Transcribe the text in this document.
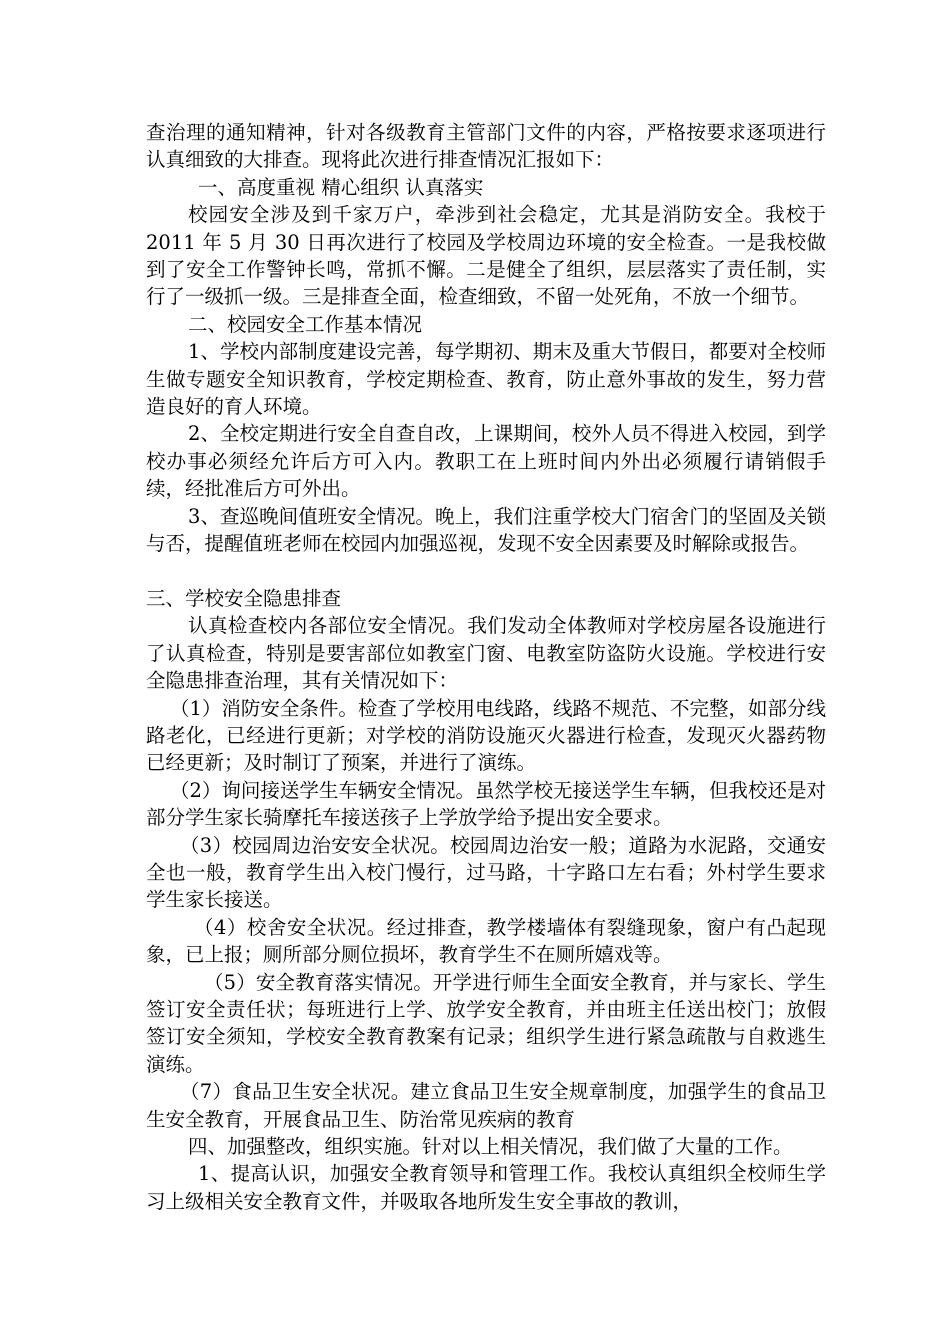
查治理的通知精神，针对各级教育主管部门文件的内容，严格按要求逐项进行认真细致的大排查。现将此次进行排查情况汇报如下：

一、高度重视 精心组织 认真落实

校园安全涉及到千家万户，牵涉到社会稳定，尤其是消防安全。我校于 2011 年 5 月 30 日再次进行了校园及学校周边环境的安全检查。一是我校做到了安全工作警钟长鸣，常抓不懈。二是健全了组织，层层落实了责任制，实行了一级抓一级。三是排查全面，检查细致，不留一处死角，不放一个细节。

二、校园安全工作基本情况

1、学校内部制度建设完善，每学期初、期末及重大节假日，都要对全校师生做专题安全知识教育，学校定期检查、教育，防止意外事故的发生，努力营造良好的育人环境。

2、全校定期进行安全自查自改，上课期间，校外人员不得进入校园，到学校办事必须经允许后方可入内。教职工在上班时间内外出必须履行请销假手续，经批准后方可外出。

3、查巡晚间值班安全情况。晚上，我们注重学校大门宿舍门的坚固及关锁与否，提醒值班老师在校园内加强巡视，发现不安全因素要及时解除或报告。

三、学校安全隐患排查

认真检查校内各部位安全情况。我们发动全体教师对学校房屋各设施进行了认真检查，特别是要害部位如教室门窗、电教室防盗防火设施。学校进行安全隐患排查治理，其有关情况如下：

（1）消防安全条件。检查了学校用电线路，线路不规范、不完整，如部分线路老化，已经进行更新；对学校的消防设施灭火器进行检查，发现灭火器药物已经更新；及时制订了预案，并进行了演练。

（2）询问接送学生车辆安全情况。虽然学校无接送学生车辆，但我校还是对部分学生家长骑摩托车接送孩子上学放学给予提出安全要求。

（3）校园周边治安安全状况。校园周边治安一般；道路为水泥路，交通安全也一般，教育学生出入校门慢行，过马路，十字路口左右看；外村学生要求学生家长接送。

（4）校舍安全状况。经过排查，教学楼墙体有裂缝现象，窗户有凸起现象，已上报；厕所部分厕位损坏，教育学生不在厕所嬉戏等。

（5）安全教育落实情况。开学进行师生全面安全教育，并与家长、学生签订安全责任状；每班进行上学、放学安全教育，并由班主任送出校门；放假签订安全须知，学校安全教育教案有记录；组织学生进行紧急疏散与自救逃生演练。

（7）食品卫生安全状况。建立食品卫生安全规章制度，加强学生的食品卫生安全教育，开展食品卫生、防治常见疾病的教育

四、加强整改，组织实施。针对以上相关情况，我们做了大量的工作。

1、提高认识，加强安全教育领导和管理工作。我校认真组织全校师生学习上级相关安全教育文件，并吸取各地所发生安全事故的教训，
